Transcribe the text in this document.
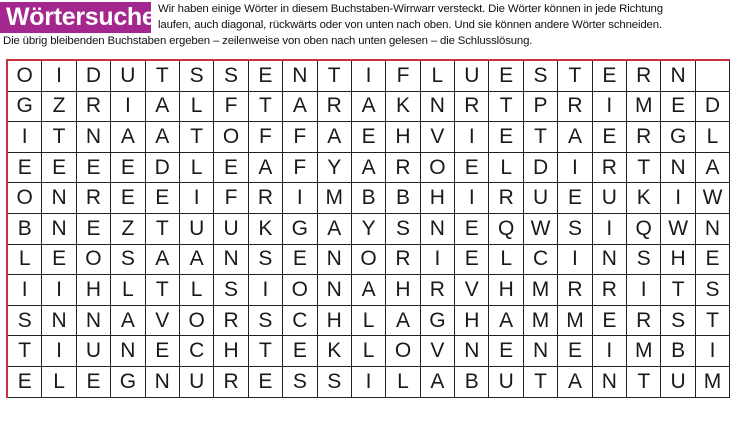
Wörtersuchen
Wir haben einige Wörter in diesem Buchstaben-Wirrwarr versteckt. Die Wörter können in jede Richtung
laufen, auch diagonal, rückwärts oder von unten nach oben. Und sie können andere Wörter schneiden.
Die übrig bleibenden Buchstaben ergeben – zeilenweise von oben nach unten gelesen – die Schlusslösung.
O	I	D U T S S E N T	I	F	L U E S T E R N
G Z R	I	A	L	F	T A R A K N R T P R	I	M E D
I	T N A A T O F	F A E H V	I	E T A E R G L
E E E E D L	E A F Y A R O E	L D	I	R T N A
O N R E E	I	F R	I	M B B H	I	R U E U K	I	W
B N E Z	T U U K G A Y S N E Q W S	I	Q W N
L	E O S A A N S E N O R	I	E	L C	I	N S H E
I	I	H L	T	L	S	I	O N A H R V H M R R	I	T S
S N N A V O R S C H L	A G H A M M E R S T
T	I	U N E C H T E K	L O V N E N E	I	M B	I
E	L	E G N U R E S S	I	L	A B U T A N T U M
